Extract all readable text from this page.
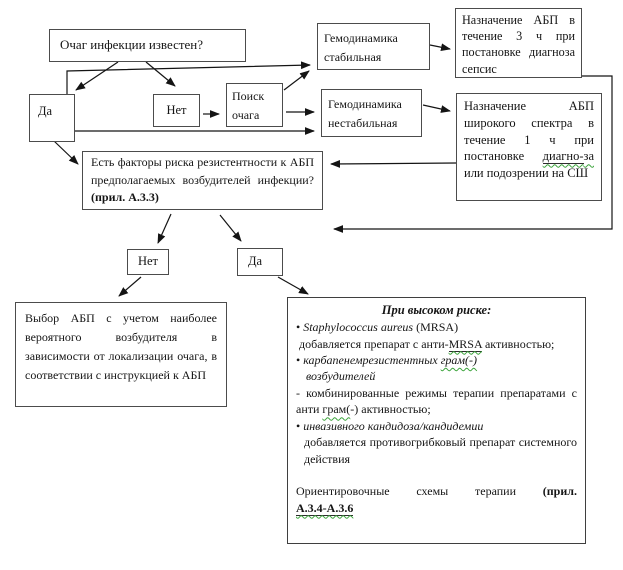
Очаг инфекции известен?
Да	Нет
Поиск очага
Гемодинамика стабильная
Гемодинамика нестабильная
Назначение АБП в течение 3 ч при постановке диагноза сепсис
Назначение АБП широкого спектра в течение 1 ч при постановке диагно-за или подозрении на СШ
Есть факторы риска резистентности к АБП предполагаемых возбудителей инфекции? (прил. А.3.3)
Нет	Да
Выбор АБП с учетом наиболее вероятного возбудителя в зависимости от локализации очага, в соответствии с инструкцией к АБП
При высоком риске:
• Staphylococcus aureus (MRSA)
добавляется препарат с анти-MRSA активностью;
• карбапенемрезистентных грам(-)
возбудителей
- комбинированные режимы терапии препаратами с анти грам(-) активностью;
• инвазивного кандидоза/кандидемии
добавляется противогрибковый препарат системного действия
Ориентировочные схемы терапии (прил.
А.3.4-А.3.6
